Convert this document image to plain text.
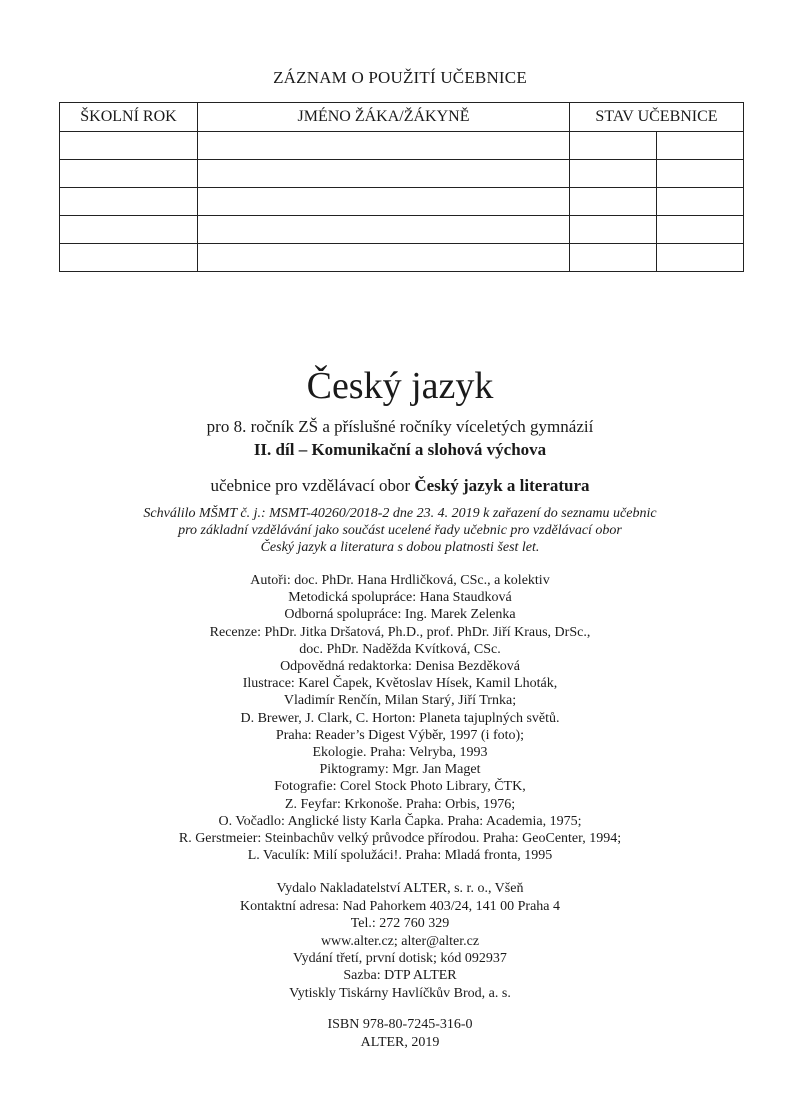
ZÁZNAM O POUŽITÍ UČEBNICE
ŠKOLNÍ ROK	JMÉNO ŽÁKA/ŽÁKYNĚ	STAV UČEBNICE	

Český jazyk
pro 8. ročník ZŠ a příslušné ročníky víceletých gymnázií
II. díl – Komunikační a slohová výchova
učebnice pro vzdělávací obor Český jazyk a literatura
Schválilo MŠMT č. j.: MSMT-40260/2018-2 dne 23. 4. 2019 k zařazení do seznamu učebnic
pro základní vzdělávání jako součást ucelené řady učebnic pro vzdělávací obor
Český jazyk a literatura s dobou platnosti šest let.
Autoři: doc. PhDr. Hana Hrdličková, CSc., a kolektiv
Metodická spolupráce: Hana Staudková
Odborná spolupráce: Ing. Marek Zelenka
Recenze: PhDr. Jitka Dršatová, Ph.D., prof. PhDr. Jiří Kraus, DrSc.,
doc. PhDr. Naděžda Kvítková, CSc.
Odpovědná redaktorka: Denisa Bezděková
Ilustrace: Karel Čapek, Květoslav Hísek, Kamil Lhoták,
Vladimír Renčín, Milan Starý, Jiří Trnka;
D. Brewer, J. Clark, C. Horton: Planeta tajuplných světů.
Praha: Reader’s Digest Výběr, 1997 (i foto);
Ekologie. Praha: Velryba, 1993
Piktogramy: Mgr. Jan Maget
Fotografie: Corel Stock Photo Library, ČTK,
Z. Feyfar: Krkonoše. Praha: Orbis, 1976;
O. Vočadlo: Anglické listy Karla Čapka. Praha: Academia, 1975;
R. Gerstmeier: Steinbachův velký průvodce přírodou. Praha: GeoCenter, 1994;
L. Vaculík: Milí spolužáci!. Praha: Mladá fronta, 1995
Vydalo Nakladatelství ALTER, s. r. o., Všeň
Kontaktní adresa: Nad Pahorkem 403/24, 141 00 Praha 4
Tel.: 272 760 329
www.alter.cz; alter@alter.cz
Vydání třetí, první dotisk; kód 092937
Sazba: DTP ALTER
Vytiskly Tiskárny Havlíčkův Brod, a. s.
ISBN 978-80-7245-316-0
ALTER, 2019
